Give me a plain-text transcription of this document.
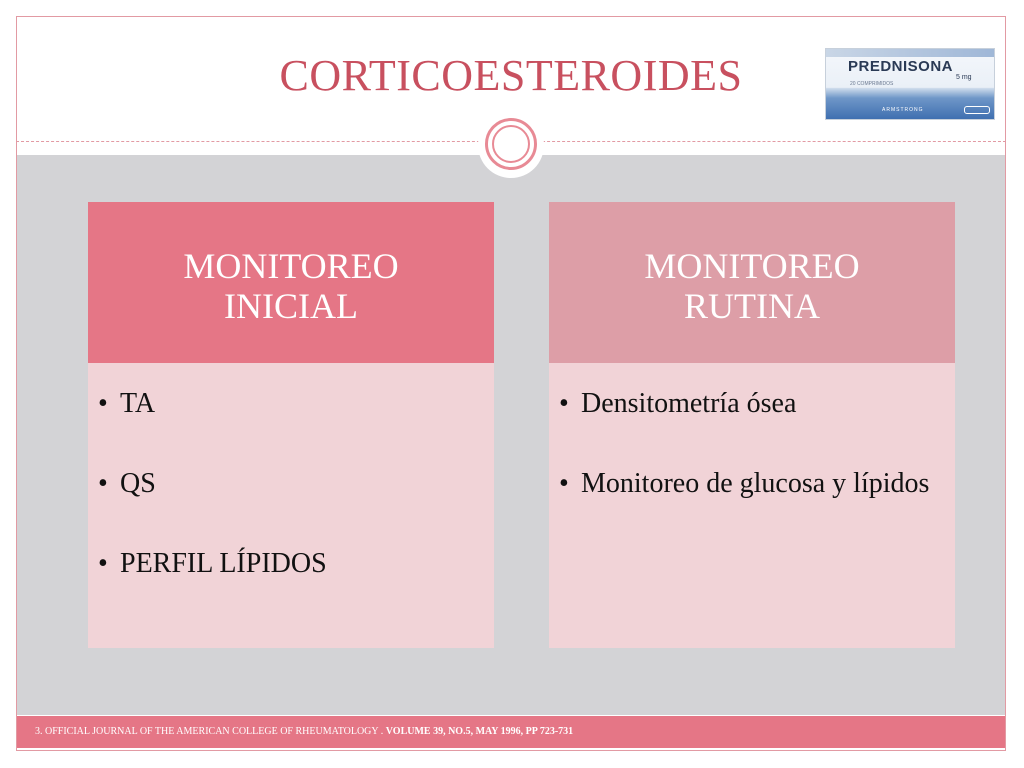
CORTICOESTEROIDES	PREDNISONA
5 mg
20 COMPRIMIDOS
ARMSTRONG
MONITOREO
INICIAL
• TA
• QS
• PERFIL LÍPIDOS
MONITOREO
RUTINA
• Densitometría ósea
• Monitoreo de glucosa y lípidos
3. OFFICIAL JOURNAL OF THE AMERICAN COLLEGE OF RHEUMATOLOGY . VOLUME 39, NO.5, MAY 1996, PP 723-731
